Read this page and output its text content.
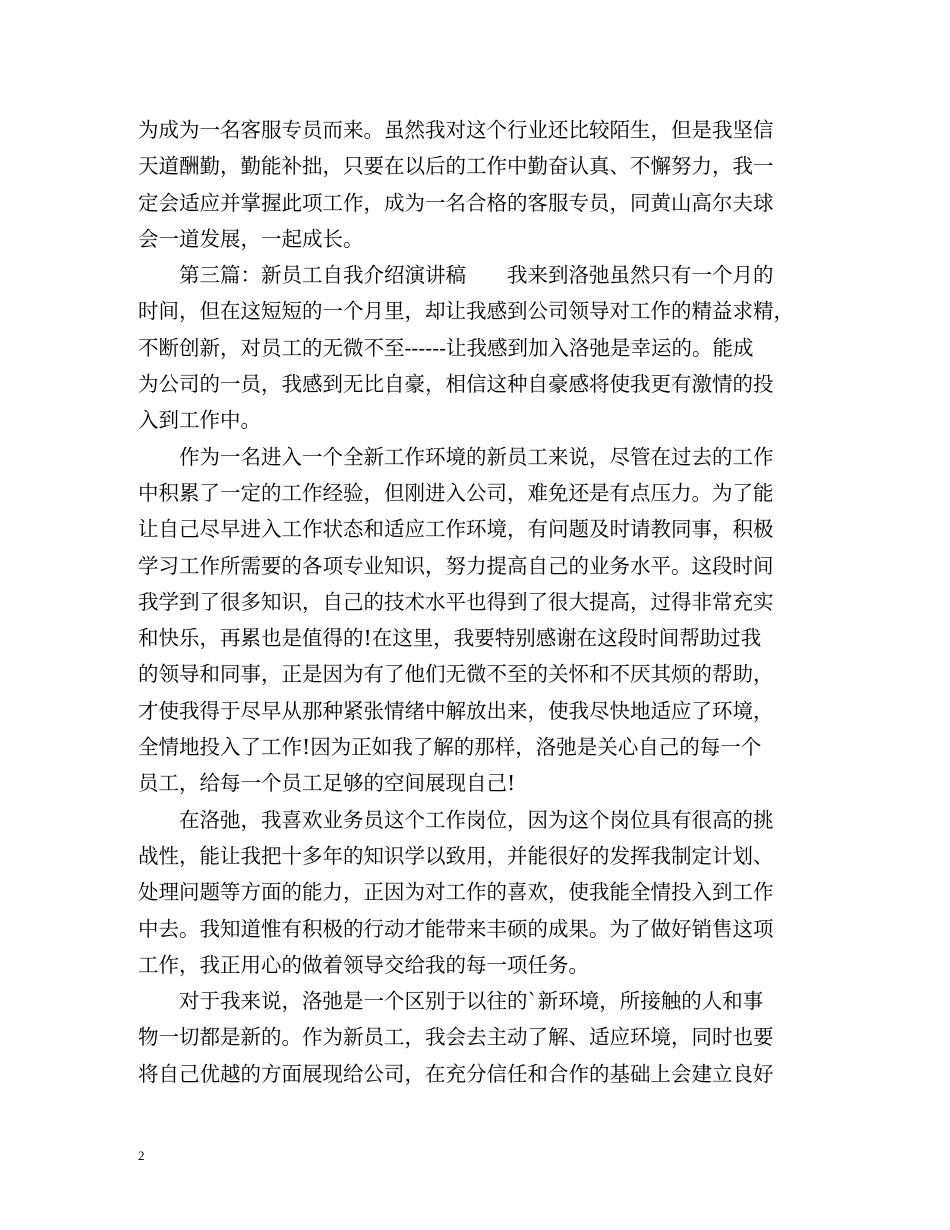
为成为一名客服专员而来。虽然我对这个行业还比较陌生，但是我坚信
天道酬勤，勤能补拙，只要在以后的工作中勤奋认真、不懈努力，我一
定会适应并掌握此项工作，成为一名合格的客服专员，同黄山高尔夫球
会一道发展，一起成长。
第三篇：新员工自我介绍演讲稿　　我来到洛弛虽然只有一个月的
时间，但在这短短的一个月里，却让我感到公司领导对工作的精益求精，
不断创新，对员工的无微不至------让我感到加入洛弛是幸运的。能成
为公司的一员，我感到无比自豪，相信这种自豪感将使我更有激情的投
入到工作中。
作为一名进入一个全新工作环境的新员工来说，尽管在过去的工作
中积累了一定的工作经验，但刚进入公司，难免还是有点压力。为了能
让自己尽早进入工作状态和适应工作环境，有问题及时请教同事，积极
学习工作所需要的各项专业知识，努力提高自己的业务水平。这段时间
我学到了很多知识，自己的技术水平也得到了很大提高，过得非常充实
和快乐，再累也是值得的!在这里，我要特别感谢在这段时间帮助过我
的领导和同事，正是因为有了他们无微不至的关怀和不厌其烦的帮助，
才使我得于尽早从那种紧张情绪中解放出来，使我尽快地适应了环境，
全情地投入了工作!因为正如我了解的那样，洛弛是关心自己的每一个
员工，给每一个员工足够的空间展现自己!
在洛弛，我喜欢业务员这个工作岗位，因为这个岗位具有很高的挑
战性，能让我把十多年的知识学以致用，并能很好的发挥我制定计划、
处理问题等方面的能力，正因为对工作的喜欢，使我能全情投入到工作
中去。我知道惟有积极的行动才能带来丰硕的成果。为了做好销售这项
工作，我正用心的做着领导交给我的每一项任务。
对于我来说，洛弛是一个区别于以往的`新环境，所接触的人和事
物一切都是新的。作为新员工，我会去主动了解、适应环境，同时也要
将自己优越的方面展现给公司，在充分信任和合作的基础上会建立良好
2
